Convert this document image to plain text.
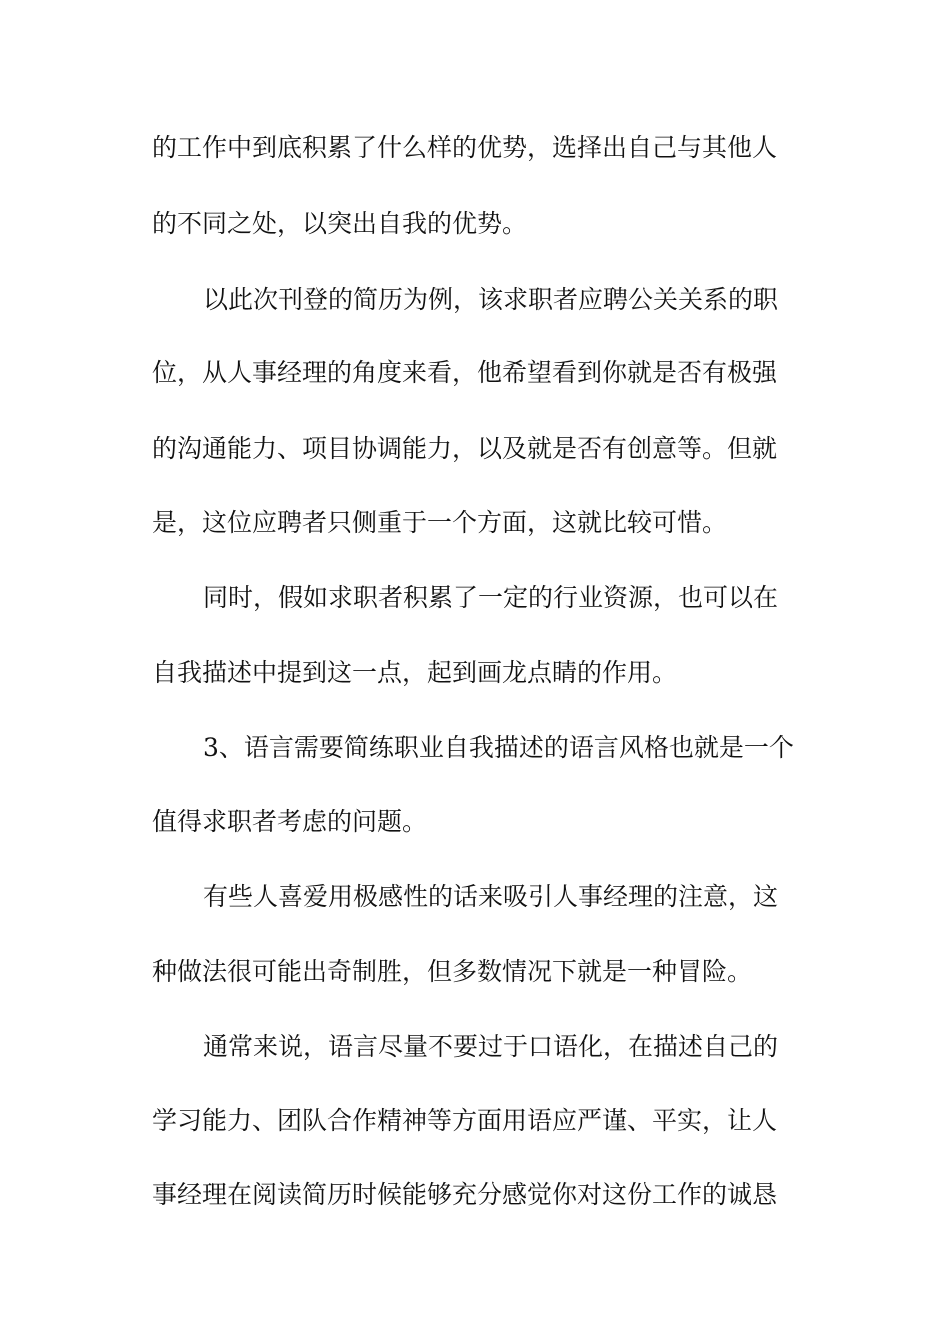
的工作中到底积累了什么样的优势，选择出自己与其他人
的不同之处，以突出自我的优势。
以此次刊登的简历为例，该求职者应聘公关关系的职
位，从人事经理的角度来看，他希望看到你就是否有极强
的沟通能力、项目协调能力，以及就是否有创意等。但就
是，这位应聘者只侧重于一个方面，这就比较可惜。
同时，假如求职者积累了一定的行业资源，也可以在
自我描述中提到这一点，起到画龙点睛的作用。
3、语言需要简练职业自我描述的语言风格也就是一个
值得求职者考虑的问题。
有些人喜爱用极感性的话来吸引人事经理的注意，这
种做法很可能出奇制胜，但多数情况下就是一种冒险。
通常来说，语言尽量不要过于口语化，在描述自己的
学习能力、团队合作精神等方面用语应严谨、平实，让人
事经理在阅读简历时候能够充分感觉你对这份工作的诚恳
